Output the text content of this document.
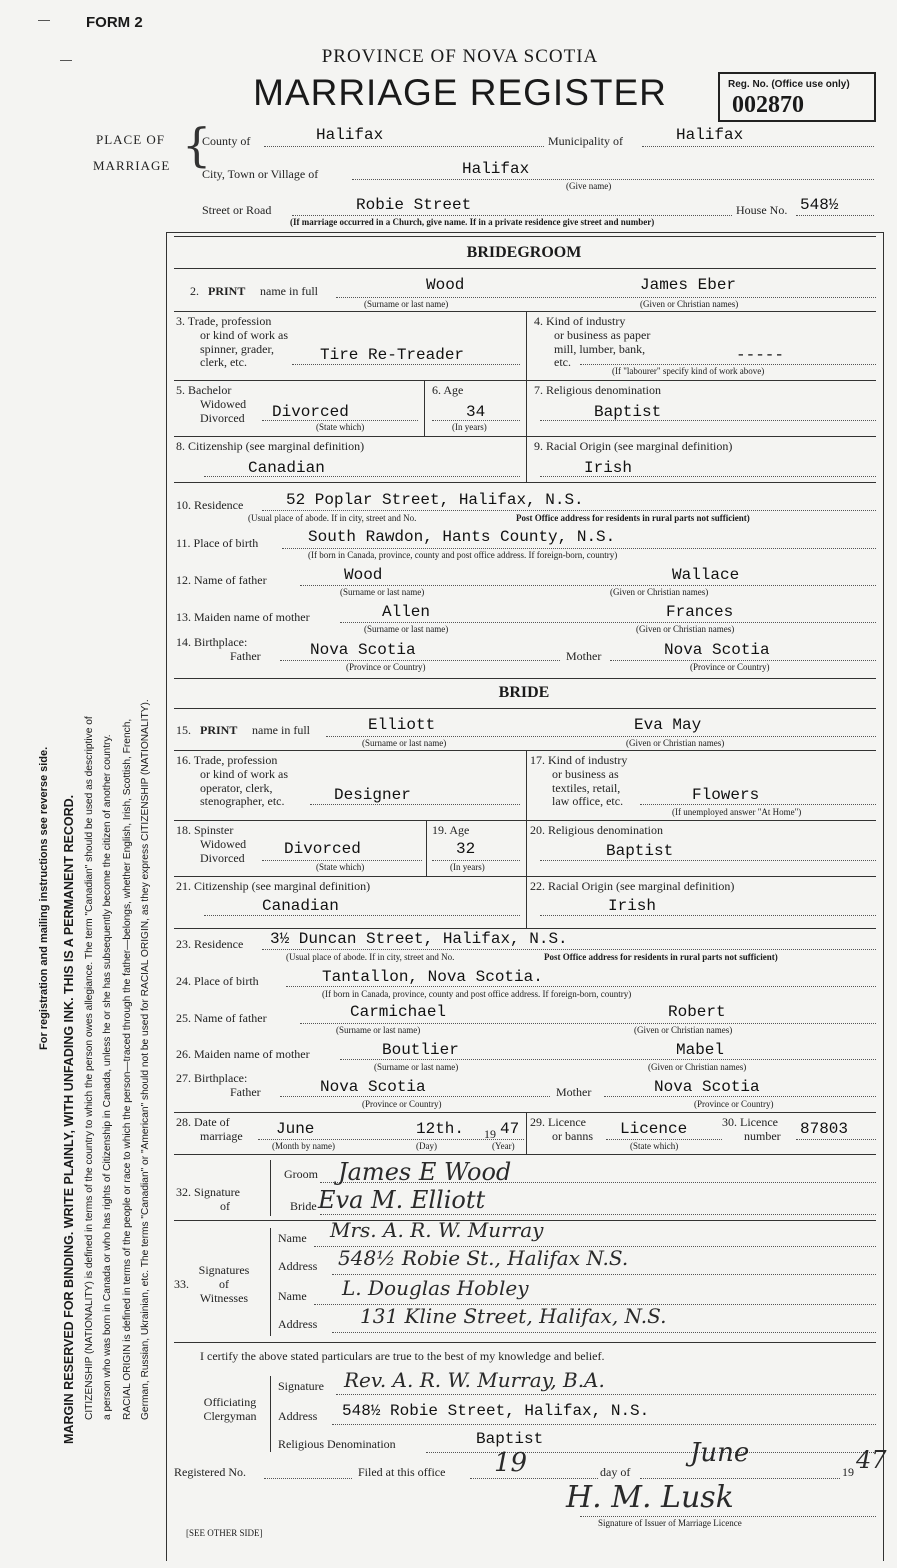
FORM 2
PROVINCE OF NOVA SCOTIA
MARRIAGE REGISTER	Reg. No. (Office use only)
002870
PLACE OF
MARRIAGE {
County of	Halifax	Municipality of	Halifax
City, Town or Village of	Halifax
(Give name)
Street or Road	Robie Street	House No. 548½
(If marriage occurred in a Church, give name. If in a private residence give street and number)
BRIDEGROOM
2. PRINT name in full	Wood	James Eber
(Surname or last name)	(Given or Christian names)
3. Trade, profession
or kind of work as
spinner, grader,
clerk, etc.	Tire Re-Treader
4. Kind of industry
or business as paper
mill, lumber, bank,
etc.	-----
(If "labourer" specify kind of work above)
5. Bachelor
Widowed
Divorced Divorced
(State which)
6. Age
34
(In years)
7. Religious denomination
Baptist
8. Citizenship (see marginal definition)
Canadian
9. Racial Origin (see marginal definition)
Irish
10. Residence	52 Poplar Street, Halifax, N.S.
(Usual place of abode. If in city, street and No.	Post Office address for residents in rural parts not sufficient)
11. Place of birth	South Rawdon, Hants County, N.S.
(If born in Canada, province, county and post office address. If foreign-born, country)
12. Name of father	Wood	Wallace
(Surname or last name)	(Given or Christian names)
13. Maiden name of mother	Allen	Frances
(Surname or last name)	(Given or Christian names)
14. Birthplace:
Father	Nova Scotia	Mother	Nova Scotia
(Province or Country)	(Province or Country)
BRIDE
15. PRINT name in full	Elliott	Eva May
(Surname or last name)	(Given or Christian names)
16. Trade, profession
or kind of work as
operator, clerk,
stenographer, etc.	Designer
17. Kind of industry
or business as
textiles, retail,
law office, etc.	Flowers
(If unemployed answer "At Home")
18. Spinster
Widowed
Divorced Divorced
(State which)
19. Age
32
(In years)
20. Religious denomination
Baptist
21. Citizenship (see marginal definition)
Canadian
22. Racial Origin (see marginal definition)
Irish
23. Residence 3½ Duncan Street, Halifax, N.S.
(Usual place of abode. If in city, street and No.	Post Office address for residents in rural parts not sufficient)
24. Place of birth	Tantallon, Nova Scotia.
(If born in Canada, province, county and post office address. If foreign-born, country)
25. Name of father	Carmichael	Robert
(Surname or last name)	(Given or Christian names)
26. Maiden name of mother	Boutlier	Mabel
(Surname or last name)	(Given or Christian names)
27. Birthplace:
Father	Nova Scotia	Mother	Nova Scotia
(Province or Country)	(Province or Country)
28. Date of
marriage June	12th. 19 47
(Month by name)	(Day)	(Year)
29. Licence
or banns Licence
(State which)
30. Licence
number 87803
32. Signature
of
Groom James E Wood
Bride Eva M. Elliott
Signatures
of
Witnesses
33.
Name Mrs. A. R. W. Murray
Address 548½ Robie St., Halifax N.S.
Name L. Douglas Hobley
Address 131 Kline Street, Halifax, N.S.
I certify the above stated particulars are true to the best of my knowledge and belief.
Officiating
Clergyman
Signature Rev. A. R. W. Murray, B.A.
Address 548½ Robie Street, Halifax, N.S.
Religious Denomination	Baptist
Registered No.	Filed at this office 19	day of
June
19 47
H. M. Lusk
Signature of Issuer of Marriage Licence
[SEE OTHER SIDE]
For registration and mailing instructions see reverse side. MARGIN RESERVED FOR BINDING. WRITE PLAINLY, WITH UNFADING INK. THIS IS A PERMANENT RECORD. CITIZENSHIP (NATIONALITY) is defined in terms of the country to which the person owes allegiance. The term "Canadian" should be used as descriptive of a person who was born in Canada or who has rights of Citizenship in Canada, unless he or she has subsequently become the citizen of another country. RACIAL ORIGIN is defined in terms of the people or race to which the person—traced through the father—belongs, whether English, Irish, Scottish, French, German, Russian, Ukrainian, etc. The terms "Canadian" or "American" should not be used for RACIAL ORIGIN, as they express CITIZENSHIP (NATIONALITY).
